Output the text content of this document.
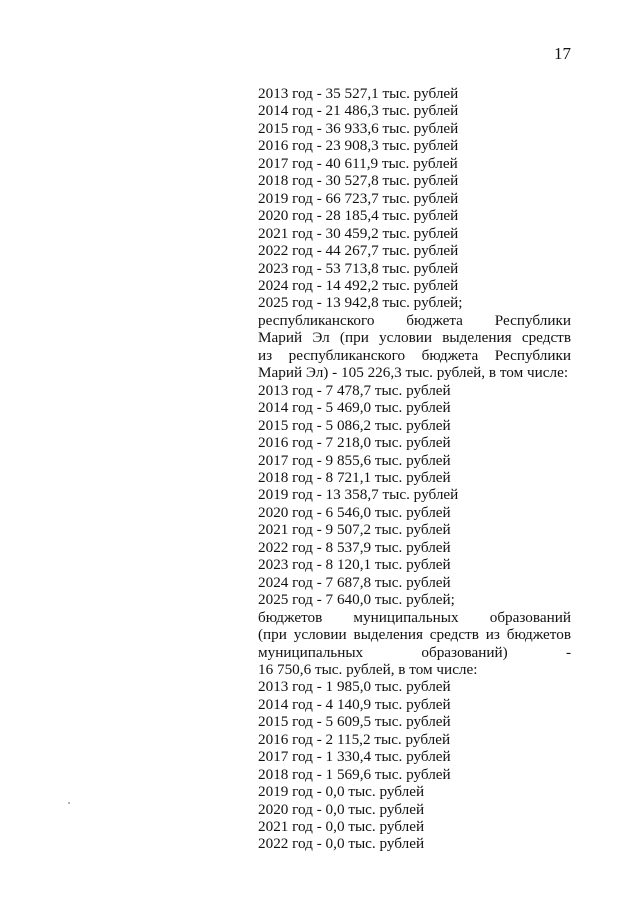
17
2013 год - 35 527,1 тыс. рублей
2014 год - 21 486,3 тыс. рублей
2015 год - 36 933,6 тыс. рублей
2016 год - 23 908,3 тыс. рублей
2017 год - 40 611,9 тыс. рублей
2018 год - 30 527,8 тыс. рублей
2019 год - 66 723,7 тыс. рублей
2020 год - 28 185,4 тыс. рублей
2021 год - 30 459,2 тыс. рублей
2022 год - 44 267,7 тыс. рублей
2023 год - 53 713,8 тыс. рублей
2024 год - 14 492,2 тыс. рублей
2025 год - 13 942,8 тыс. рублей;
республиканского бюджета Республики
Марий Эл (при условии выделения средств
из республиканского бюджета Республики
Марий Эл) - 105 226,3 тыс. рублей, в том числе:
2013 год - 7 478,7 тыс. рублей
2014 год - 5 469,0 тыс. рублей
2015 год - 5 086,2 тыс. рублей
2016 год - 7 218,0 тыс. рублей
2017 год - 9 855,6 тыс. рублей
2018 год - 8 721,1 тыс. рублей
2019 год - 13 358,7 тыс. рублей
2020 год - 6 546,0 тыс. рублей
2021 год - 9 507,2 тыс. рублей
2022 год - 8 537,9 тыс. рублей
2023 год - 8 120,1 тыс. рублей
2024 год - 7 687,8 тыс. рублей
2025 год - 7 640,0 тыс. рублей;
бюджетов муниципальных образований
(при условии выделения средств из бюджетов
муниципальных	образований)	-
16 750,6 тыс. рублей, в том числе:
2013 год - 1 985,0 тыс. рублей
2014 год - 4 140,9 тыс. рублей
2015 год - 5 609,5 тыс. рублей
2016 год - 2 115,2 тыс. рублей
2017 год - 1 330,4 тыс. рублей
2018 год - 1 569,6 тыс. рублей
2019 год - 0,0 тыс. рублей
2020 год - 0,0 тыс. рублей
2021 год - 0,0 тыс. рублей
2022 год - 0,0 тыс. рублей
